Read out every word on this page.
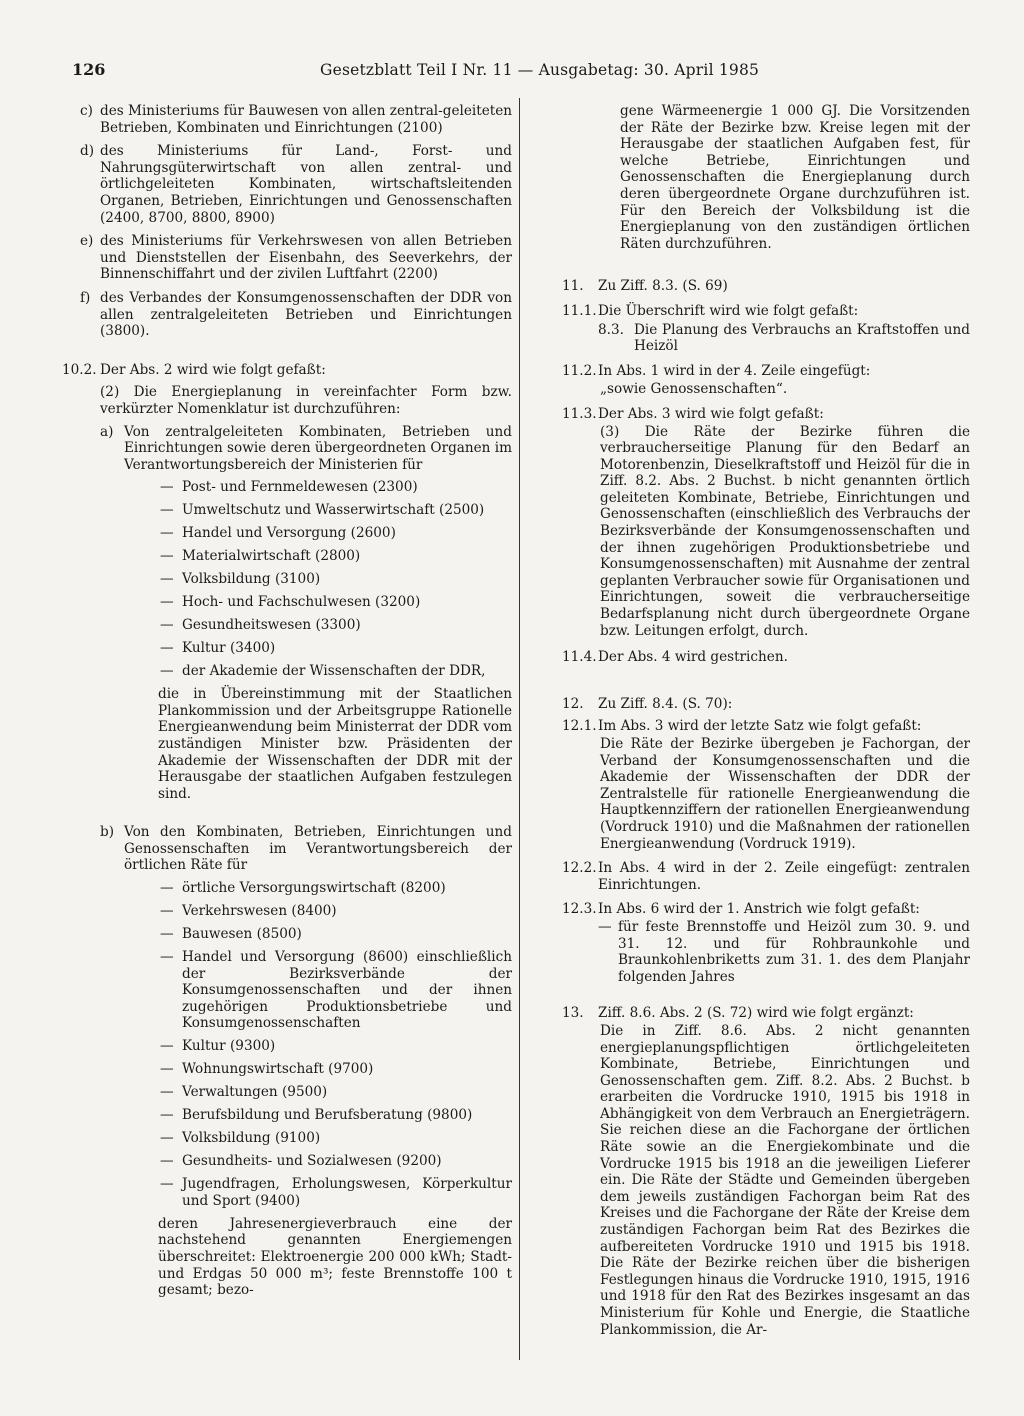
126	Gesetzblatt Teil I Nr. 11 — Ausgabetag: 30. April 1985
c) des Ministeriums für Bauwesen von allen zentral-geleiteten Betrieben, Kombinaten und Einrichtungen (2100)

d) des Ministeriums für Land-, Forst- und Nahrungsgüterwirtschaft von allen zentral- und örtlichgeleiteten Kombinaten, wirtschaftsleitenden Organen, Betrieben, Einrichtungen und Genossenschaften (2400, 8700, 8800, 8900)

e) des Ministeriums für Verkehrswesen von allen Betrieben und Dienststellen der Eisenbahn, des Seeverkehrs, der Binnenschiffahrt und der zivilen Luftfahrt (2200)

f) des Verbandes der Konsumgenossenschaften der DDR von allen zentralgeleiteten Betrieben und Einrichtungen (3800).

10.2. Der Abs. 2 wird wie folgt gefaßt:

(2) Die Energieplanung in vereinfachter Form bzw. verkürzter Nomenklatur ist durchzuführen:

a) Von zentralgeleiteten Kombinaten, Betrieben und Einrichtungen sowie deren übergeordneten Organen im Verantwortungsbereich der Ministerien für

— Post- und Fernmeldewesen (2300)

— Umweltschutz und Wasserwirtschaft (2500)

— Handel und Versorgung (2600)

— Materialwirtschaft (2800)

— Volksbildung (3100)

— Hoch- und Fachschulwesen (3200)

— Gesundheitswesen (3300)

— Kultur (3400)

— der Akademie der Wissenschaften der DDR,

die in Übereinstimmung mit der Staatlichen Plankommission und der Arbeitsgruppe Rationelle Energieanwendung beim Ministerrat der DDR vom zuständigen Minister bzw. Präsidenten der Akademie der Wissenschaften der DDR mit der Herausgabe der staatlichen Aufgaben festzulegen sind.

b) Von den Kombinaten, Betrieben, Einrichtungen und Genossenschaften im Verantwortungsbereich der örtlichen Räte für

— örtliche Versorgungswirtschaft (8200)

— Verkehrswesen (8400)

— Bauwesen (8500)

— Handel und Versorgung (8600) einschließlich der Bezirksverbände der Konsumgenossenschaften und der ihnen zugehörigen Produktionsbetriebe und Konsumgenossenschaften

— Kultur (9300)

— Wohnungswirtschaft (9700)

— Verwaltungen (9500)

— Berufsbildung und Berufsberatung (9800)

— Volksbildung (9100)

— Gesundheits- und Sozialwesen (9200)

— Jugendfragen, Erholungswesen, Körperkultur und Sport (9400)

deren Jahresenergieverbrauch eine der nachstehend genannten Energiemengen überschreitet: Elektroenergie 200 000 kWh; Stadt- und Erdgas 50 000 m³; feste Brennstoffe 100 t gesamt; bezo-

gene Wärmeenergie 1 000 GJ. Die Vorsitzenden der Räte der Bezirke bzw. Kreise legen mit der Herausgabe der staatlichen Aufgaben fest, für welche Betriebe, Einrichtungen und Genossenschaften die Energieplanung durch deren übergeordnete Organe durchzuführen ist. Für den Bereich der Volksbildung ist die Energieplanung von den zuständigen örtlichen Räten durchzuführen.

11. Zu Ziff. 8.3. (S. 69)

11.1. Die Überschrift wird wie folgt gefaßt:

8.3. Die Planung des Verbrauchs an Kraftstoffen und Heizöl

11.2. In Abs. 1 wird in der 4. Zeile eingefügt:

„sowie Genossenschaften“.

11.3. Der Abs. 3 wird wie folgt gefaßt:

(3) Die Räte der Bezirke führen die verbraucherseitige Planung für den Bedarf an Motorenbenzin, Dieselkraftstoff und Heizöl für die in Ziff. 8.2. Abs. 2 Buchst. b nicht genannten örtlich geleiteten Kombinate, Betriebe, Einrichtungen und Genossenschaften (einschließlich des Verbrauchs der Bezirksverbände der Konsumgenossenschaften und der ihnen zugehörigen Produktionsbetriebe und Konsumgenossenschaften) mit Ausnahme der zentral geplanten Verbraucher sowie für Organisationen und Einrichtungen, soweit die verbraucherseitige Bedarfsplanung nicht durch übergeordnete Organe bzw. Leitungen erfolgt, durch.

11.4. Der Abs. 4 wird gestrichen.

12. Zu Ziff. 8.4. (S. 70):

12.1. Im Abs. 3 wird der letzte Satz wie folgt gefaßt:

Die Räte der Bezirke übergeben je Fachorgan, der Verband der Konsumgenossenschaften und die Akademie der Wissenschaften der DDR der Zentralstelle für rationelle Energieanwendung die Hauptkennziffern der rationellen Energieanwendung (Vordruck 1910) und die Maßnahmen der rationellen Energieanwendung (Vordruck 1919).

12.2. In Abs. 4 wird in der 2. Zeile eingefügt: zentralen Einrichtungen.

12.3. In Abs. 6 wird der 1. Anstrich wie folgt gefaßt:

— für feste Brennstoffe und Heizöl zum 30. 9. und 31. 12. und für Rohbraunkohle und Braunkohlenbriketts zum 31. 1. des dem Planjahr folgenden Jahres

13. Ziff. 8.6. Abs. 2 (S. 72) wird wie folgt ergänzt:

Die in Ziff. 8.6. Abs. 2 nicht genannten energieplanungspflichtigen örtlichgeleiteten Kombinate, Betriebe, Einrichtungen und Genossenschaften gem. Ziff. 8.2. Abs. 2 Buchst. b erarbeiten die Vordrucke 1910, 1915 bis 1918 in Abhängigkeit von dem Verbrauch an Energieträgern. Sie reichen diese an die Fachorgane der örtlichen Räte sowie an die Energiekombinate und die Vordrucke 1915 bis 1918 an die jeweiligen Lieferer ein. Die Räte der Städte und Gemeinden übergeben dem jeweils zuständigen Fachorgan beim Rat des Kreises und die Fachorgane der Räte der Kreise dem zuständigen Fachorgan beim Rat des Bezirkes die aufbereiteten Vordrucke 1910 und 1915 bis 1918. Die Räte der Bezirke reichen über die bisherigen Festlegungen hinaus die Vordrucke 1910, 1915, 1916 und 1918 für den Rat des Bezirkes insgesamt an das Ministerium für Kohle und Energie, die Staatliche Plankommission, die Ar-
